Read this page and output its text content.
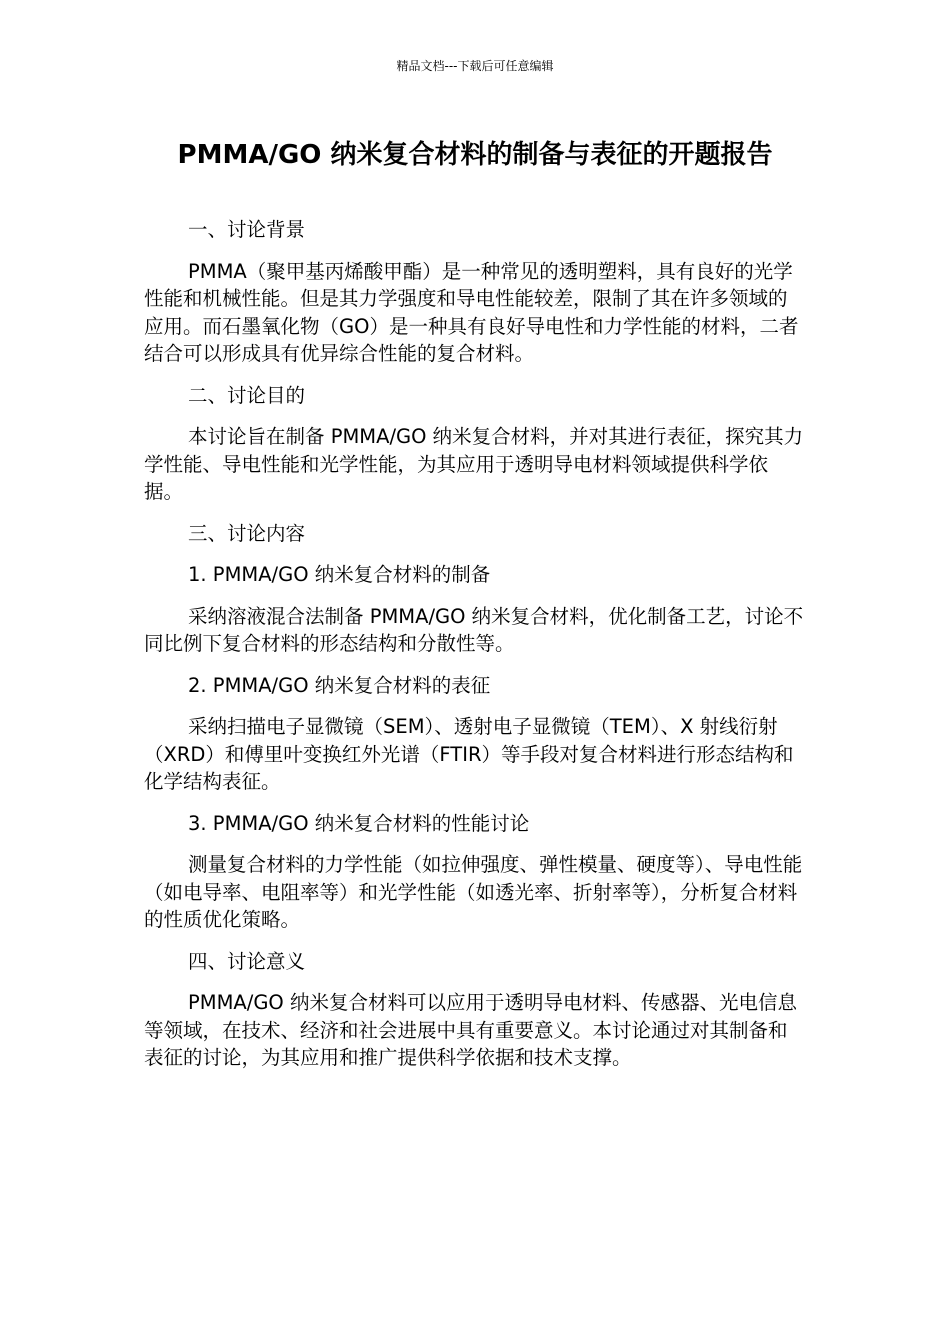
精品文档---下载后可任意编辑
PMMA/GO 纳米复合材料的制备与表征的开题报告

一、讨论背景

PMMA（聚甲基丙烯酸甲酯）是一种常见的透明塑料，具有良好的光学性能和机械性能。但是其力学强度和导电性能较差，限制了其在许多领域的应用。而石墨氧化物（GO）是一种具有良好导电性和力学性能的材料，二者结合可以形成具有优异综合性能的复合材料。

二、讨论目的

本讨论旨在制备 PMMA/GO 纳米复合材料，并对其进行表征，探究其力学性能、导电性能和光学性能，为其应用于透明导电材料领域提供科学依据。

三、讨论内容

1. PMMA/GO 纳米复合材料的制备

采纳溶液混合法制备 PMMA/GO 纳米复合材料，优化制备工艺，讨论不同比例下复合材料的形态结构和分散性等。

2. PMMA/GO 纳米复合材料的表征

采纳扫描电子显微镜（SEM）、透射电子显微镜（TEM）、X 射线衍射（XRD）和傅里叶变换红外光谱（FTIR）等手段对复合材料进行形态结构和化学结构表征。

3. PMMA/GO 纳米复合材料的性能讨论

测量复合材料的力学性能（如拉伸强度、弹性模量、硬度等）、导电性能（如电导率、电阻率等）和光学性能（如透光率、折射率等），分析复合材料的性质优化策略。

四、讨论意义

PMMA/GO 纳米复合材料可以应用于透明导电材料、传感器、光电信息等领域，在技术、经济和社会进展中具有重要意义。本讨论通过对其制备和表征的讨论，为其应用和推广提供科学依据和技术支撑。
